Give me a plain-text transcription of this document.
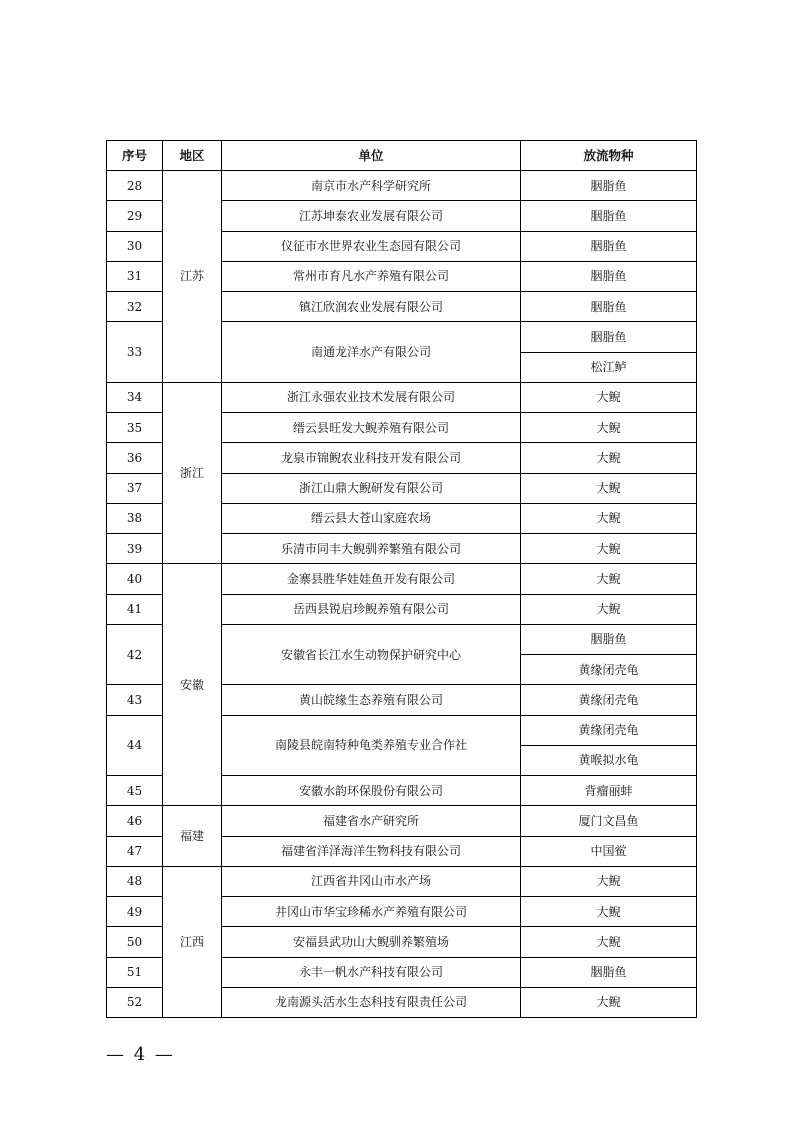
序号	地区	单位	放流物种
28	江苏	南京市水产科学研究所	胭脂鱼
29		江苏坤泰农业发展有限公司	胭脂鱼
30		仪征市水世界农业生态园有限公司	胭脂鱼
31		常州市育凡水产养殖有限公司	胭脂鱼
32		镇江欣润农业发展有限公司	胭脂鱼
33		南通龙洋水产有限公司	胭脂鱼
			松江鲈
34	浙江	浙江永强农业技术发展有限公司	大鲵
35		缙云县旺发大鲵养殖有限公司	大鲵
36		龙泉市锦鲵农业科技开发有限公司	大鲵
37		浙江山鼎大鲵研发有限公司	大鲵
38		缙云县大苍山家庭农场	大鲵
39		乐清市同丰大鲵驯养繁殖有限公司	大鲵
40	安徽	金寨县胜华娃娃鱼开发有限公司	大鲵
41		岳西县锐启珍鲵养殖有限公司	大鲵
42		安徽省长江水生动物保护研究中心	胭脂鱼
			黄缘闭壳龟
43		黄山皖缘生态养殖有限公司	黄缘闭壳龟
44		南陵县皖南特种龟类养殖专业合作社	黄缘闭壳龟
			黄喉拟水龟
45		安徽水韵环保股份有限公司	背瘤丽蚌
46	福建	福建省水产研究所	厦门文昌鱼
47		福建省洋泽海洋生物科技有限公司	中国鲎
48	江西	江西省井冈山市水产场	大鲵
49		井冈山市华宝珍稀水产养殖有限公司	大鲵
50		安福县武功山大鲵驯养繁殖场	大鲵
51		永丰一帆水产科技有限公司	胭脂鱼
52		龙南源头活水生态科技有限责任公司	大鲵
— 4 —
